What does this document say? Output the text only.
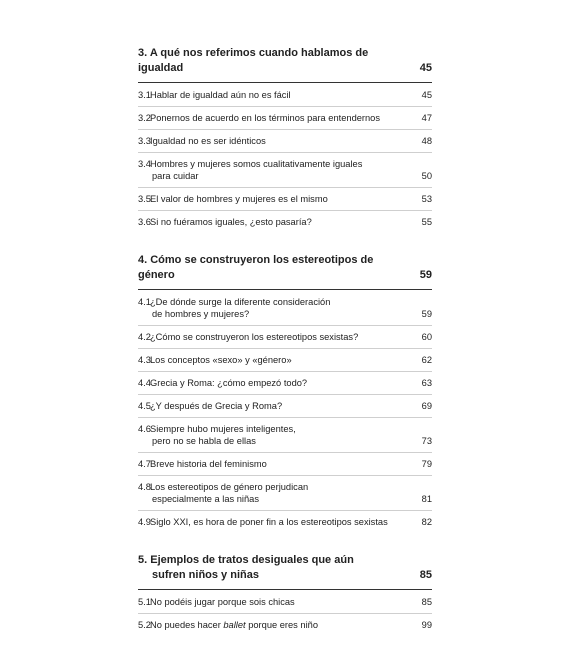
3. A qué nos referimos cuando hablamos de igualdad	45
3.1Hablar de igualdad aún no es fácil	45
3.2Ponernos de acuerdo en los términos para entendernos	47
3.3Igualdad no es ser idénticos	48
3.4Hombres y mujeres somos cualitativamente iguales
para cuidar	50
3.5El valor de hombres y mujeres es el mismo	53
3.6Si no fuéramos iguales, ¿esto pasaría?	55
4. Cómo se construyeron los estereotipos de género	59
4.1¿De dónde surge la diferente consideración
de hombres y mujeres?	59
4.2¿Cómo se construyeron los estereotipos sexistas?	60
4.3Los conceptos «sexo» y «género»	62
4.4Grecia y Roma: ¿cómo empezó todo?	63
4.5¿Y después de Grecia y Roma?	69
4.6Siempre hubo mujeres inteligentes,
pero no se habla de ellas	73
4.7Breve historia del feminismo	79
4.8Los estereotipos de género perjudican
especialmente a las niñas	81
4.9Siglo XXI, es hora de poner fin a los estereotipos sexistas	82
5. Ejemplos de tratos desiguales que aún
sufren niños y niñas	85
5.1No podéis jugar porque sois chicas	85
5.2No puedes hacer ballet porque eres niño	99
